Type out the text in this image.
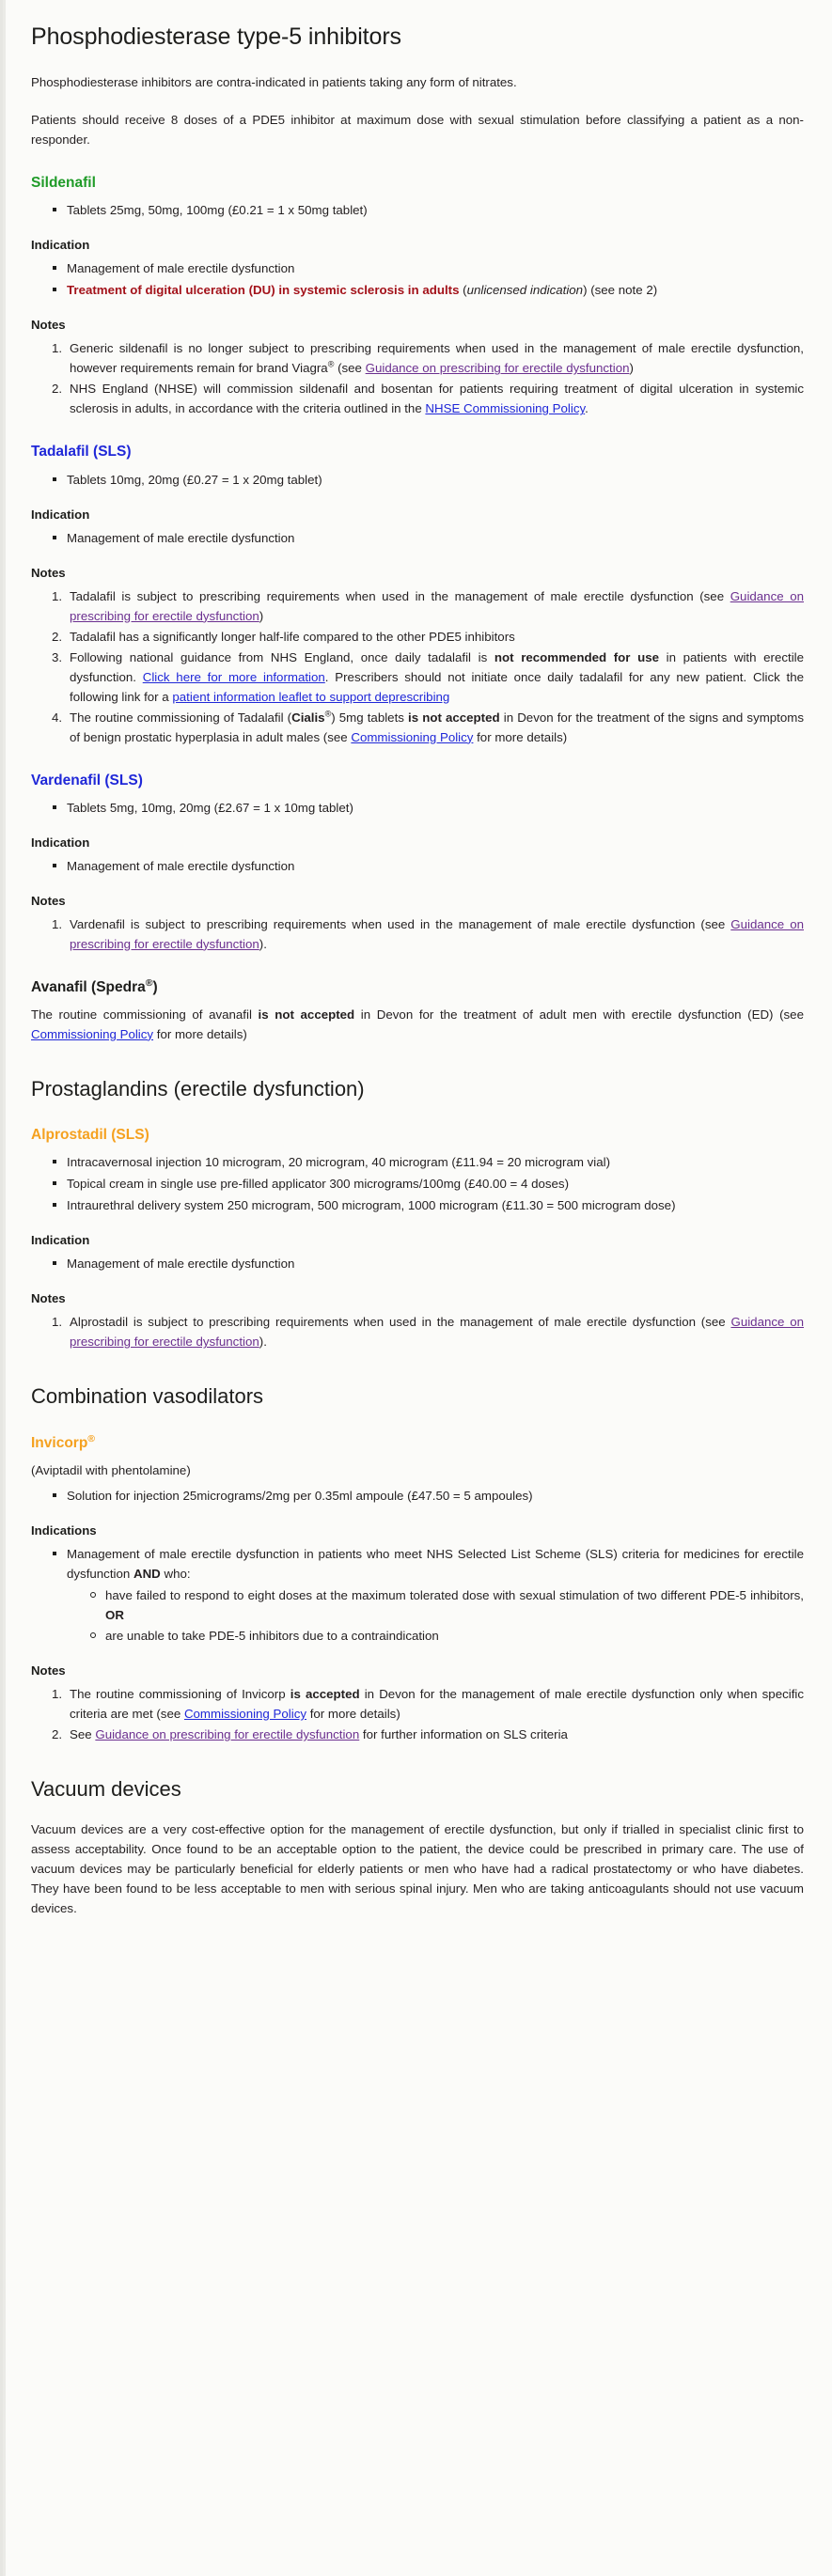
Phosphodiesterase type-5 inhibitors

Phosphodiesterase inhibitors are contra-indicated in patients taking any form of nitrates.

Patients should receive 8 doses of a PDE5 inhibitor at maximum dose with sexual stimulation before classifying a patient as a non-responder.

Sildenafil
Tablets 25mg, 50mg, 100mg (£0.21 = 1 x 50mg tablet)
Indication
Management of male erectile dysfunction
Treatment of digital ulceration (DU) in systemic sclerosis in adults (unlicensed indication) (see note 2)
Notes
Generic sildenafil is no longer subject to prescribing requirements when used in the management of male erectile dysfunction, however requirements remain for brand Viagra® (see Guidance on prescribing for erectile dysfunction)
NHS England (NHSE) will commission sildenafil and bosentan for patients requiring treatment of digital ulceration in systemic sclerosis in adults, in accordance with the criteria outlined in the NHSE Commissioning Policy.
Tadalafil (SLS)
Tablets 10mg, 20mg (£0.27 = 1 x 20mg tablet)
Indication
Management of male erectile dysfunction
Notes
Tadalafil is subject to prescribing requirements when used in the management of male erectile dysfunction (see Guidance on prescribing for erectile dysfunction)
Tadalafil has a significantly longer half-life compared to the other PDE5 inhibitors
Following national guidance from NHS England, once daily tadalafil is not recommended for use in patients with erectile dysfunction. Click here for more information. Prescribers should not initiate once daily tadalafil for any new patient. Click the following link for a patient information leaflet to support deprescribing
The routine commissioning of Tadalafil (Cialis®) 5mg tablets is not accepted in Devon for the treatment of the signs and symptoms of benign prostatic hyperplasia in adult males (see Commissioning Policy for more details)
Vardenafil (SLS)
Tablets 5mg, 10mg, 20mg (£2.67 = 1 x 10mg tablet)
Indication
Management of male erectile dysfunction
Notes
Vardenafil is subject to prescribing requirements when used in the management of male erectile dysfunction (see Guidance on prescribing for erectile dysfunction).
Avanafil (Spedra®)

The routine commissioning of avanafil is not accepted in Devon for the treatment of adult men with erectile dysfunction (ED) (see Commissioning Policy for more details)

Prostaglandins (erectile dysfunction)
Alprostadil (SLS)
Intracavernosal injection 10 microgram, 20 microgram, 40 microgram (£11.94 = 20 microgram vial)
Topical cream in single use pre-filled applicator 300 micrograms/100mg (£40.00 = 4 doses)
Intraurethral delivery system 250 microgram, 500 microgram, 1000 microgram (£11.30 = 500 microgram dose)
Indication
Management of male erectile dysfunction
Notes
Alprostadil is subject to prescribing requirements when used in the management of male erectile dysfunction (see Guidance on prescribing for erectile dysfunction).
Combination vasodilators
Invicorp®

(Aviptadil with phentolamine)

Solution for injection 25micrograms/2mg per 0.35ml ampoule (£47.50 = 5 ampoules)
Indications
Management of male erectile dysfunction in patients who meet NHS Selected List Scheme (SLS) criteria for medicines for erectile dysfunction AND who:
have failed to respond to eight doses at the maximum tolerated dose with sexual stimulation of two different PDE-5 inhibitors, OR
are unable to take PDE-5 inhibitors due to a contraindication
Notes
The routine commissioning of Invicorp is accepted in Devon for the management of male erectile dysfunction only when specific criteria are met (see Commissioning Policy for more details)
See Guidance on prescribing for erectile dysfunction for further information on SLS criteria
Vacuum devices

Vacuum devices are a very cost-effective option for the management of erectile dysfunction, but only if trialled in specialist clinic first to assess acceptability. Once found to be an acceptable option to the patient, the device could be prescribed in primary care. The use of vacuum devices may be particularly beneficial for elderly patients or men who have had a radical prostatectomy or who have diabetes. They have been found to be less acceptable to men with serious spinal injury. Men who are taking anticoagulants should not use vacuum devices.
